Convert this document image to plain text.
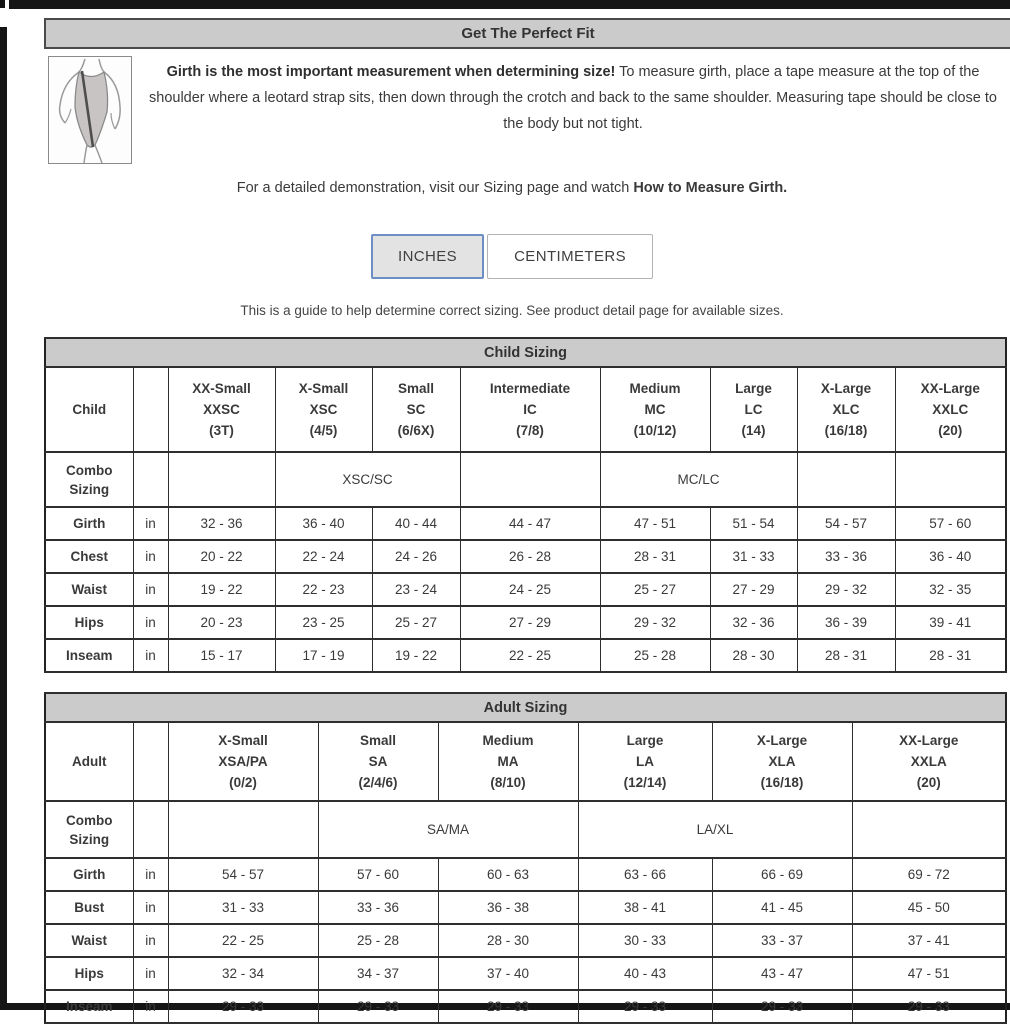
Get The Perfect Fit
Girth is the most important measurement when determining size! To measure girth, place a tape measure at the top of the shoulder where a leotard strap sits, then down through the crotch and back to the same shoulder. Measuring tape should be close to the body but not tight.

For a detailed demonstration, visit our Sizing page and watch How to Measure Girth.

INCHES	CENTIMETERS

This is a guide to help determine correct sizing. See product detail page for available sizes.

Child Sizing									
Child		XX-Small
XXSC
(3T)	X-Small
XSC
(4/5)	Small
SC
(6/6X)	Intermediate
IC
(7/8)	Medium
MC
(10/12)	Large
LC
(14)	X-Large
XLC
(16/18)	XX-Large
XXLC
(20)

Combo
Sizing			XSC/SC			MC/LC			
Girth	in	32 - 36	36 - 40	40 - 44	44 - 47	47 - 51	51 - 54	54 - 57	57 - 60
Chest	in	20 - 22	22 - 24	24 - 26	26 - 28	28 - 31	31 - 33	33 - 36	36 - 40
Waist	in	19 - 22	22 - 23	23 - 24	24 - 25	25 - 27	27 - 29	29 - 32	32 - 35
Hips	in	20 - 23	23 - 25	25 - 27	27 - 29	29 - 32	32 - 36	36 - 39	39 - 41
Inseam	in	15 - 17	17 - 19	19 - 22	22 - 25	25 - 28	28 - 30	28 - 31	28 - 31
Adult Sizing							
Adult		X-Small
XSA/PA
(0/2)	Small
SA
(2/4/6)	Medium
MA
(8/10)	Large
LA
(12/14)	X-Large
XLA
(16/18)	XX-Large
XXLA
(20)

Combo
Sizing			SA/MA		LA/XL		
Girth	in	54 - 57	57 - 60	60 - 63	63 - 66	66 - 69	69 - 72
Bust	in	31 - 33	33 - 36	36 - 38	38 - 41	41 - 45	45 - 50
Waist	in	22 - 25	25 - 28	28 - 30	30 - 33	33 - 37	37 - 41
Hips	in	32 - 34	34 - 37	37 - 40	40 - 43	43 - 47	47 - 51
Inseam	in	29 - 33	29 - 33	29 - 33	29 - 33	29 - 33	29 - 33
